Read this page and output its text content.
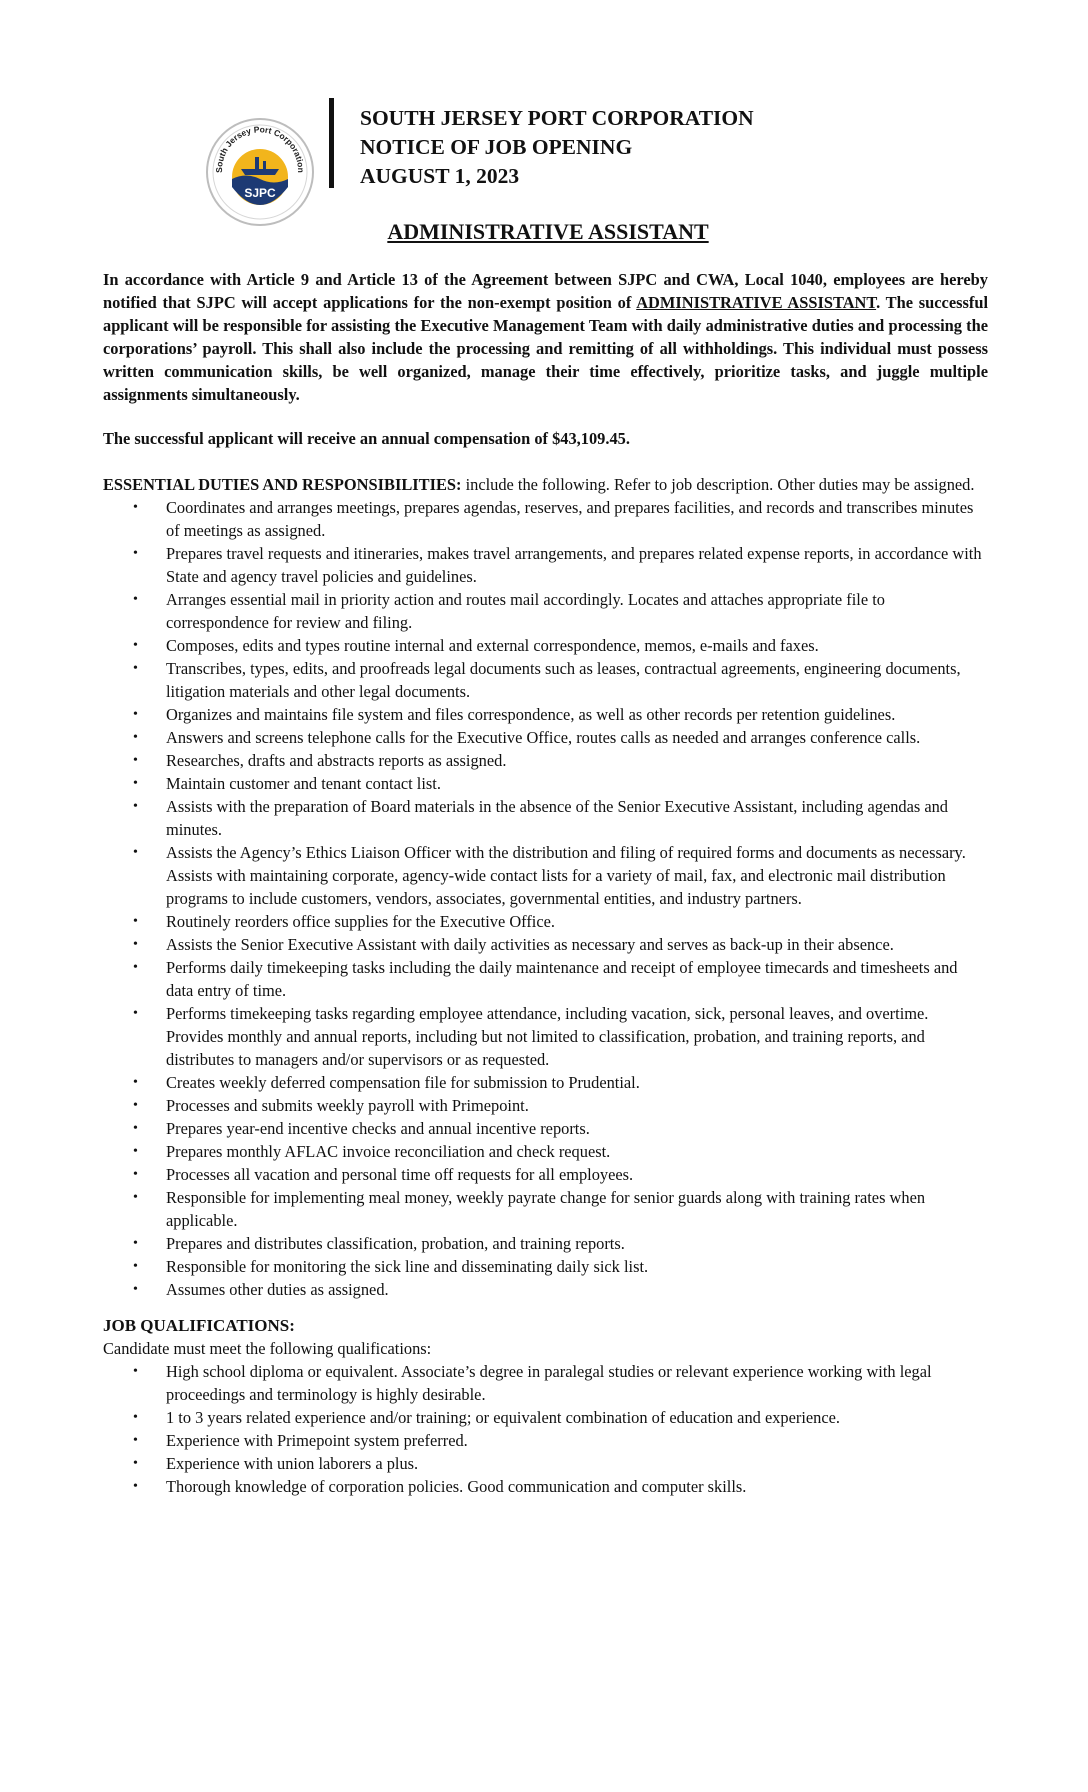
South Jersey Port Corporation
SJPC
SOUTH JERSEY PORT CORPORATION
NOTICE OF JOB OPENING
AUGUST 1, 2023
ADMINISTRATIVE ASSISTANT

In accordance with Article 9 and Article 13 of the Agreement between SJPC and CWA, Local 1040, employees are hereby notified that SJPC will accept applications for the non-exempt position of ADMINISTRATIVE ASSISTANT. The successful applicant will be responsible for assisting the Executive Management Team with daily administrative duties and processing the corporations’ payroll. This shall also include the processing and remitting of all withholdings. This individual must possess written communication skills, be well organized, manage their time effectively, prioritize tasks, and juggle multiple assignments simultaneously.

The successful applicant will receive an annual compensation of $43,109.45.

ESSENTIAL DUTIES AND RESPONSIBILITIES: include the following. Refer to job description. Other duties may be assigned.
• Coordinates and arranges meetings, prepares agendas, reserves, and prepares facilities, and records and transcribes minutes of meetings as assigned.
• Prepares travel requests and itineraries, makes travel arrangements, and prepares related expense reports, in accordance with State and agency travel policies and guidelines.
• Arranges essential mail in priority action and routes mail accordingly. Locates and attaches appropriate file to correspondence for review and filing.
• Composes, edits and types routine internal and external correspondence, memos, e-mails and faxes.
• Transcribes, types, edits, and proofreads legal documents such as leases, contractual agreements, engineering documents, litigation materials and other legal documents.
• Organizes and maintains file system and files correspondence, as well as other records per retention guidelines.
• Answers and screens telephone calls for the Executive Office, routes calls as needed and arranges conference calls.
• Researches, drafts and abstracts reports as assigned.
• Maintain customer and tenant contact list.
• Assists with the preparation of Board materials in the absence of the Senior Executive Assistant, including agendas and minutes.
• Assists the Agency’s Ethics Liaison Officer with the distribution and filing of required forms and documents as necessary. Assists with maintaining corporate, agency-wide contact lists for a variety of mail, fax, and electronic mail distribution programs to include customers, vendors, associates, governmental entities, and industry partners.
• Routinely reorders office supplies for the Executive Office.
• Assists the Senior Executive Assistant with daily activities as necessary and serves as back-up in their absence.
• Performs daily timekeeping tasks including the daily maintenance and receipt of employee timecards and timesheets and data entry of time.
• Performs timekeeping tasks regarding employee attendance, including vacation, sick, personal leaves, and overtime. Provides monthly and annual reports, including but not limited to classification, probation, and training reports, and distributes to managers and/or supervisors or as requested.
• Creates weekly deferred compensation file for submission to Prudential.
• Processes and submits weekly payroll with Primepoint.
• Prepares year-end incentive checks and annual incentive reports.
• Prepares monthly AFLAC invoice reconciliation and check request.
• Processes all vacation and personal time off requests for all employees.
• Responsible for implementing meal money, weekly payrate change for senior guards along with training rates when applicable.
• Prepares and distributes classification, probation, and training reports.
• Responsible for monitoring the sick line and disseminating daily sick list.
• Assumes other duties as assigned.
JOB QUALIFICATIONS:
Candidate must meet the following qualifications:
• High school diploma or equivalent. Associate’s degree in paralegal studies or relevant experience working with legal proceedings and terminology is highly desirable.
• 1 to 3 years related experience and/or training; or equivalent combination of education and experience.
• Experience with Primepoint system preferred.
• Experience with union laborers a plus.
• Thorough knowledge of corporation policies. Good communication and computer skills.
